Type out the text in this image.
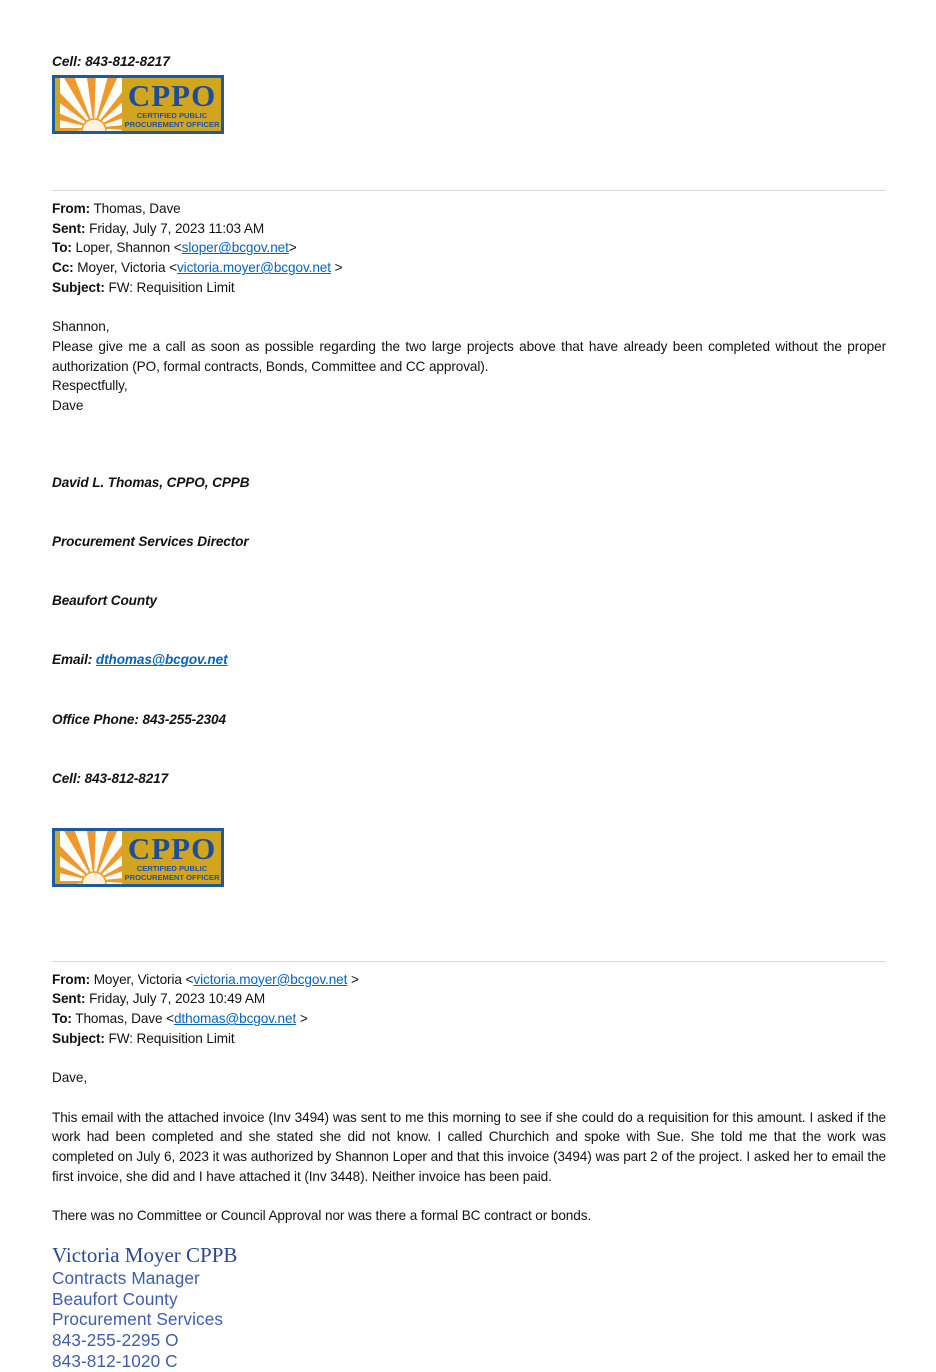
Cell: 843-812-8217
CPPO
CERTIFIED PUBLIC
PROCUREMENT OFFICER
From: Thomas, Dave
Sent: Friday, July 7, 2023 11:03 AM
To: Loper, Shannon <sloper@bcgov.net>
Cc: Moyer, Victoria <victoria.moyer@bcgov.net >
Subject: FW: Requisition Limit
Shannon,
Please give me a call as soon as possible regarding the two large projects above that have already been completed without the proper authorization (PO, formal contracts, Bonds, Committee and CC approval).
Respectfully,
Dave

David L. Thomas, CPPO, CPPB

Procurement Services Director

Beaufort County

Email: dthomas@bcgov.net

Office Phone: 843-255-2304

Cell: 843-812-8217

CPPO
CERTIFIED PUBLIC
PROCUREMENT OFFICER
From: Moyer, Victoria <victoria.moyer@bcgov.net >
Sent: Friday, July 7, 2023 10:49 AM
To: Thomas, Dave <dthomas@bcgov.net >
Subject: FW: Requisition Limit
Dave,
This email with the attached invoice (Inv 3494) was sent to me this morning to see if she could do a requisition for this amount. I asked if the work had been completed and she stated she did not know. I called Churchich and spoke with Sue. She told me that the work was completed on July 6, 2023 it was authorized by Shannon Loper and that this invoice (3494) was part 2 of the project. I asked her to email the first invoice, she did and I have attached it (Inv 3448). Neither invoice has been paid.
There was no Committee or Council Approval nor was there a formal BC contract or bonds.
Victoria Moyer CPPB
Contracts Manager
Beaufort County
Procurement Services
843-255-2295 O
843-812-1020 C
